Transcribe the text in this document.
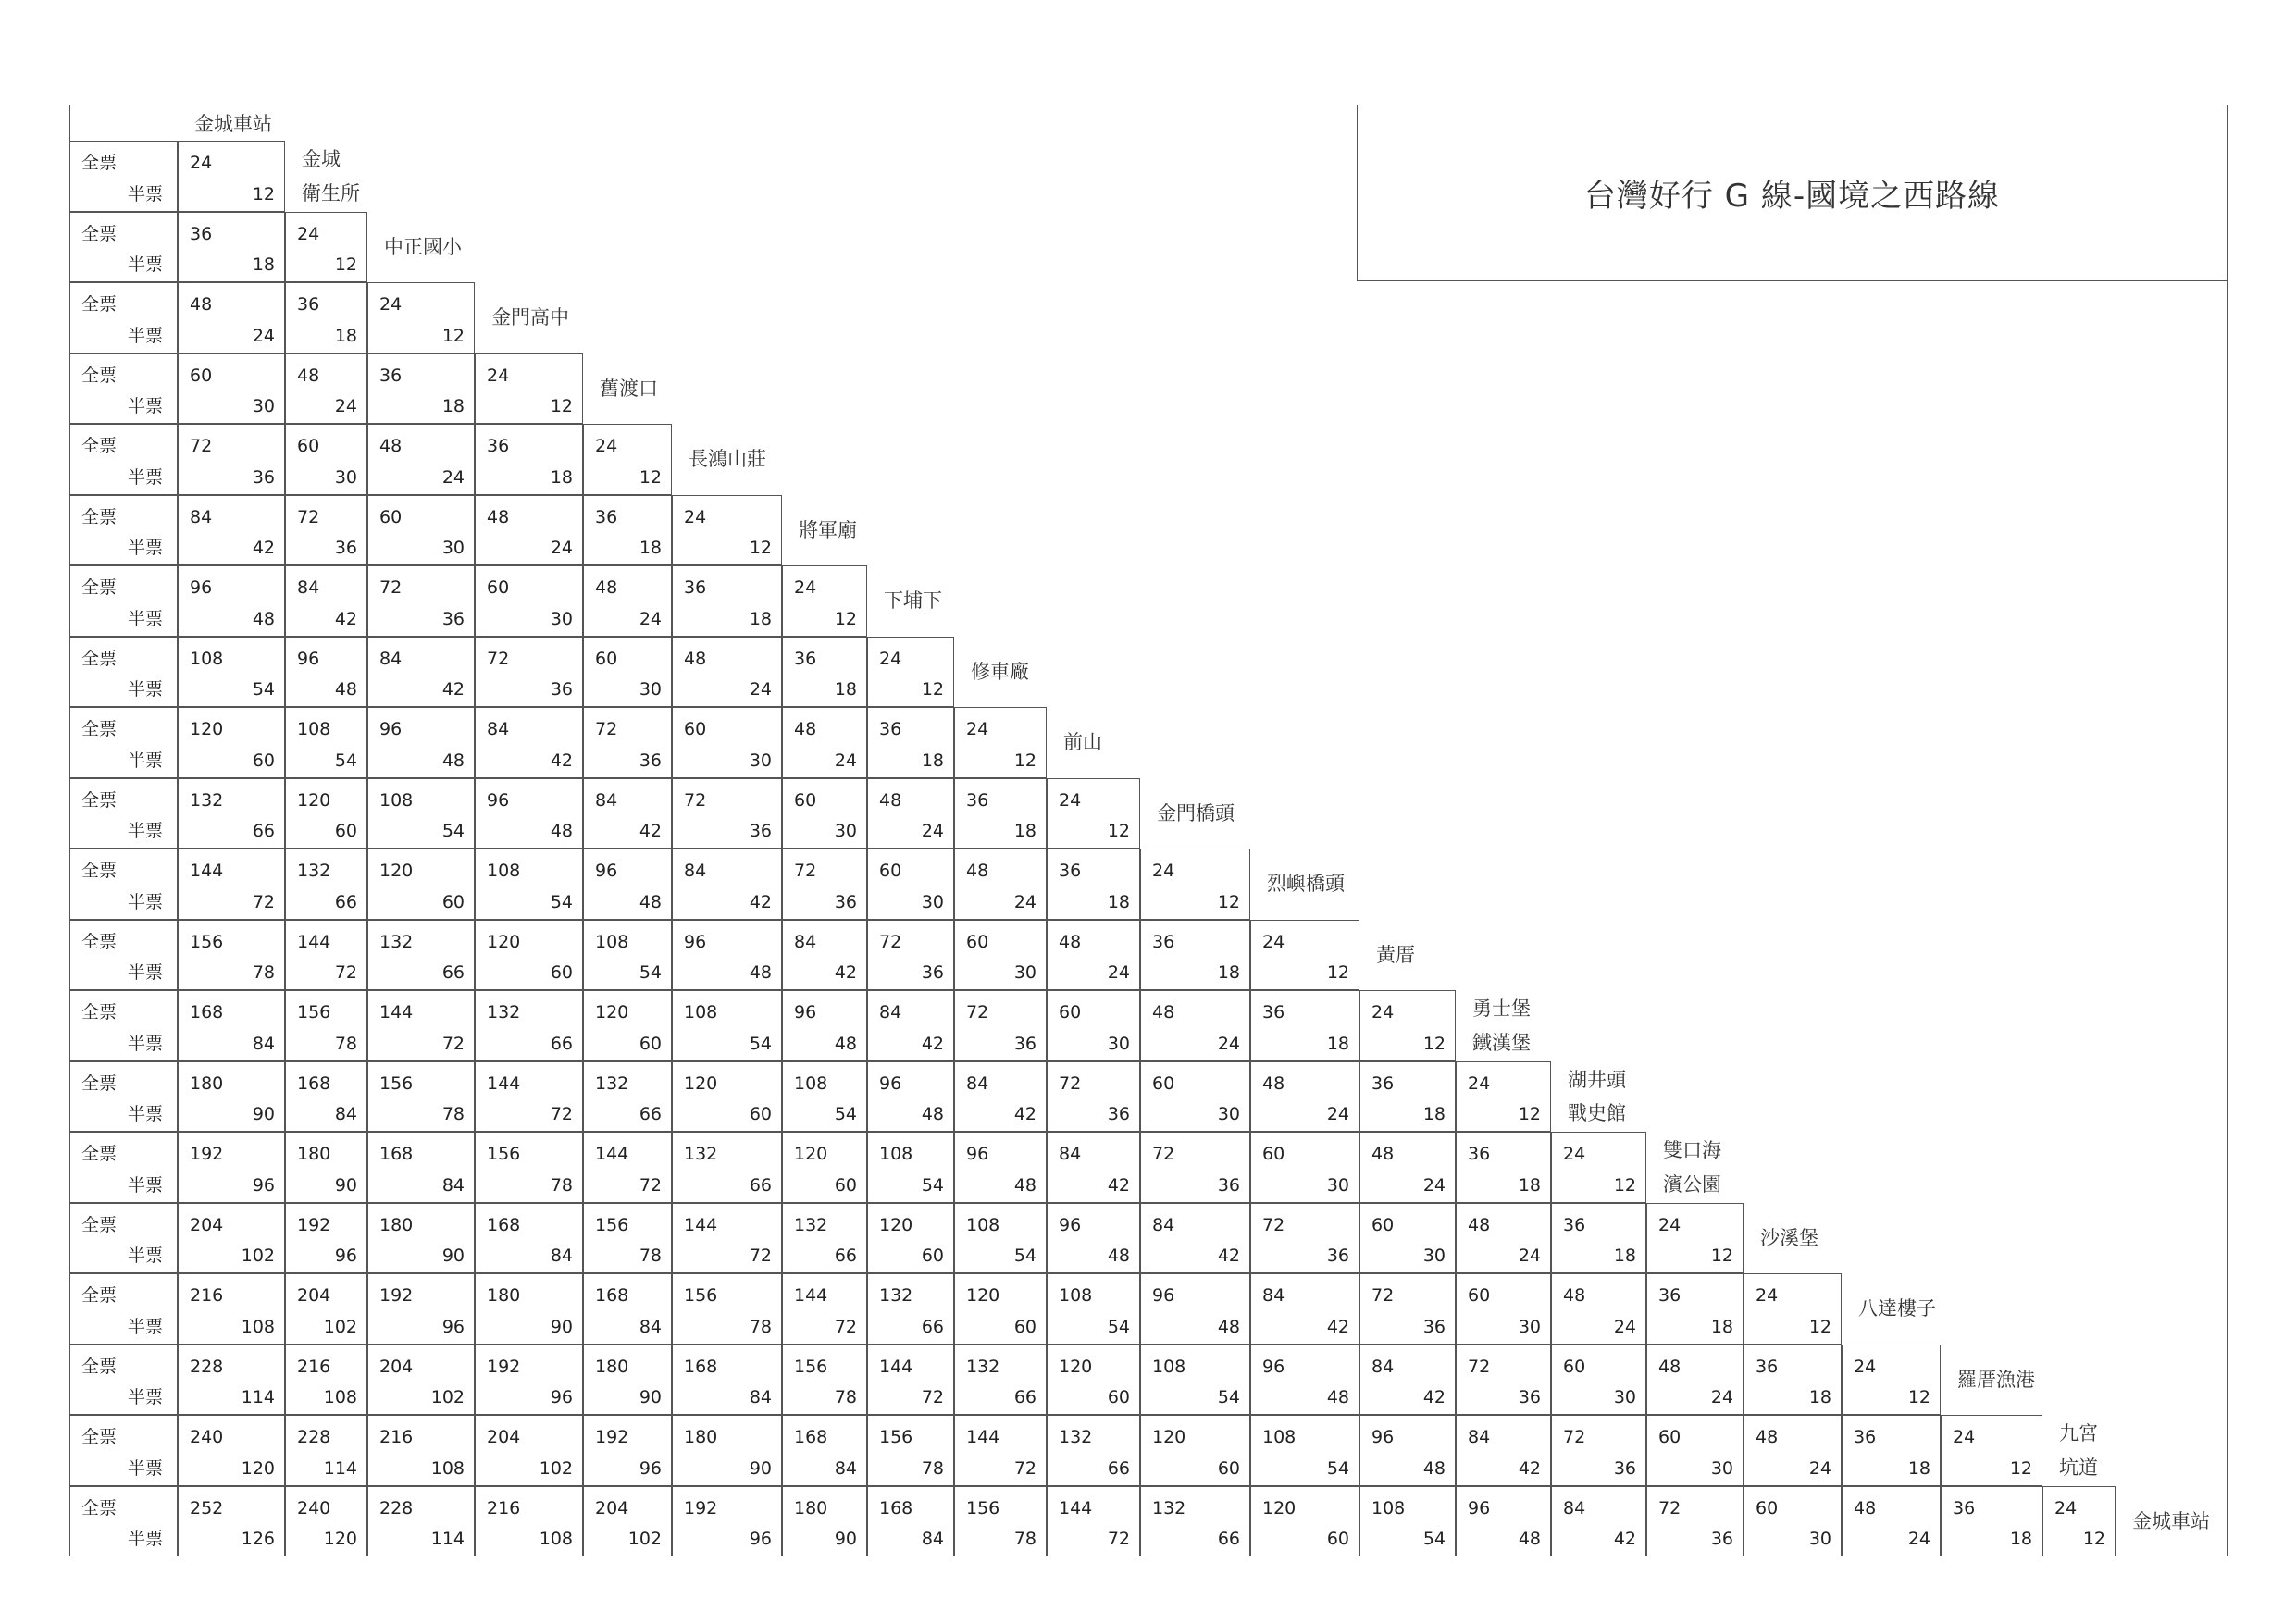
台灣好行 G 線-國境之西路線
全票
半票
24
12
全票
半票
36
18
24
12
全票
半票
48
24
36
18
24
12
全票
半票
60
30
48
24
36
18
24
12
全票
半票
72
36
60
30
48
24
36
18
24
12
全票
半票
84
42
72
36
60
30
48
24
36
18
24
12
全票
半票
96
48
84
42
72
36
60
30
48
24
36
18
24
12
全票
半票
108
54
96
48
84
42
72
36
60
30
48
24
36
18
24
12
全票
半票
120
60
108
54
96
48
84
42
72
36
60
30
48
24
36
18
24
12
全票
半票
132
66
120
60
108
54
96
48
84
42
72
36
60
30
48
24
36
18
24
12
全票
半票
144
72
132
66
120
60
108
54
96
48
84
42
72
36
60
30
48
24
36
18
24
12
全票
半票
156
78
144
72
132
66
120
60
108
54
96
48
84
42
72
36
60
30
48
24
36
18
24
12
全票
半票
168
84
156
78
144
72
132
66
120
60
108
54
96
48
84
42
72
36
60
30
48
24
36
18
24
12
全票
半票
180
90
168
84
156
78
144
72
132
66
120
60
108
54
96
48
84
42
72
36
60
30
48
24
36
18
24
12
全票
半票
192
96
180
90
168
84
156
78
144
72
132
66
120
60
108
54
96
48
84
42
72
36
60
30
48
24
36
18
24
12
全票
半票
204
102
192
96
180
90
168
84
156
78
144
72
132
66
120
60
108
54
96
48
84
42
72
36
60
30
48
24
36
18
24
12
全票
半票
216
108
204
102
192
96
180
90
168
84
156
78
144
72
132
66
120
60
108
54
96
48
84
42
72
36
60
30
48
24
36
18
24
12
全票
半票
228
114
216
108
204
102
192
96
180
90
168
84
156
78
144
72
132
66
120
60
108
54
96
48
84
42
72
36
60
30
48
24
36
18
24
12
全票
半票
240
120
228
114
216
108
204
102
192
96
180
90
168
84
156
78
144
72
132
66
120
60
108
54
96
48
84
42
72
36
60
30
48
24
36
18
24
12
全票
半票
252
126
240
120
228
114
216
108
204
102
192
96
180
90
168
84
156
78
144
72
132
66
120
60
108
54
96
48
84
42
72
36
60
30
48
24
36
18
24
12
金城車站
金城
衛生所
中正國小
金門高中
舊渡口
長鴻山莊
將軍廟
下埔下
修車廠
前山
金門橋頭
烈嶼橋頭
黃厝
勇士堡
鐵漢堡
湖井頭
戰史館
雙口海
濱公園
沙溪堡
八達樓子
羅厝漁港
九宮
坑道
金城車站
